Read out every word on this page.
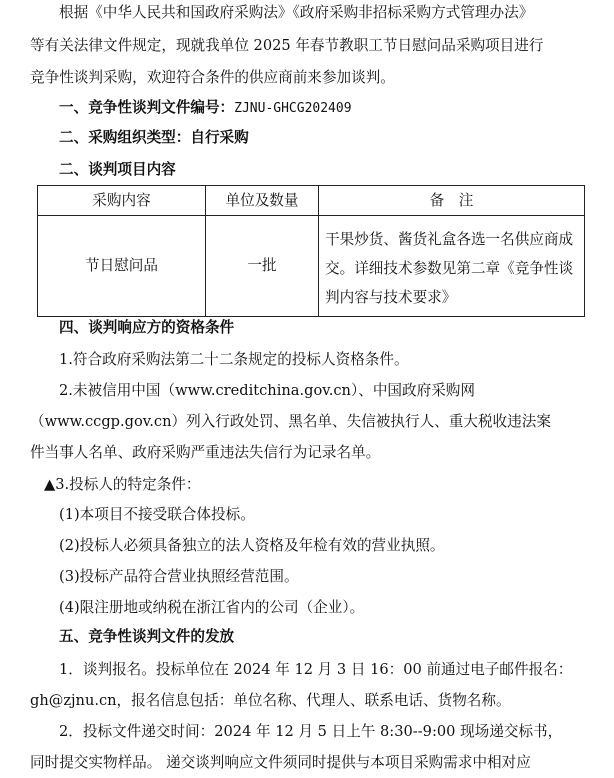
根据《中华人民共和国政府采购法》《政府采购非招标采购方式管理办法》
等有关法律文件规定，现就我单位 2025 年春节教职工节日慰问品采购项目进行
竞争性谈判采购，欢迎符合条件的供应商前来参加谈判。
一、竞争性谈判文件编号：ZJNU-GHCG202409
二、采购组织类型：自行采购
二、谈判项目内容
采购内容	单位及数量	备　注
节日慰问品	一批	干果炒货、酱货礼盒各选一名供应商成交。详细技术参数见第二章《竞争性谈判内容与技术要求》
四、谈判响应方的资格条件
1.符合政府采购法第二十二条规定的投标人资格条件。
2.未被信用中国（www.creditchina.gov.cn）、中国政府采购网
（www.ccgp.gov.cn）列入行政处罚、黑名单、失信被执行人、重大税收违法案
件当事人名单、政府采购严重违法失信行为记录名单。
▲3.投标人的特定条件：
(1)本项目不接受联合体投标。
(2)投标人必须具备独立的法人资格及年检有效的营业执照。
(3)投标产品符合营业执照经营范围。
(4)限注册地或纳税在浙江省内的公司（企业）。
五、竞争性谈判文件的发放
1．谈判报名。投标单位在 2024 年 12 月 3 日 16：00 前通过电子邮件报名：
gh@zjnu.cn，报名信息包括：单位名称、代理人、联系电话、货物名称。
2．投标文件递交时间：2024 年 12 月 5 日上午 8:30--9:00 现场递交标书，
同时提交实物样品。 递交谈判响应文件须同时提供与本项目采购需求中相对应
